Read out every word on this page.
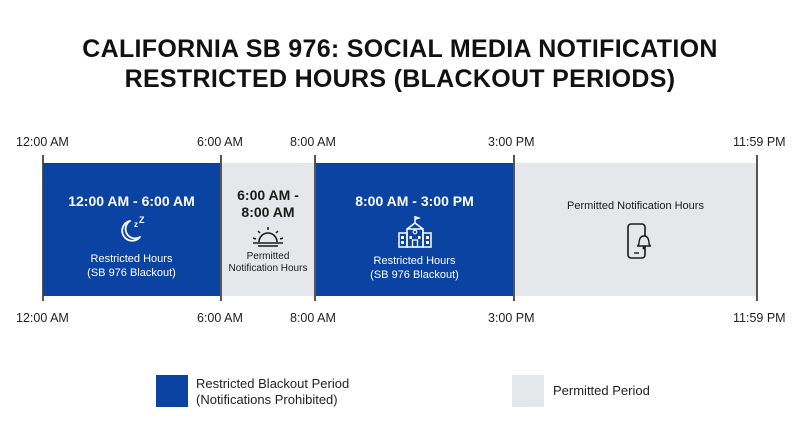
CALIFORNIA SB 976: SOCIAL MEDIA NOTIFICATION RESTRICTED HOURS (BLACKOUT PERIODS)
12:00 AM	6:00 AM	8:00 AM	3:00 PM	11:59 PM
12:00 AM - 6:00 AM
z Z
Restricted Hours
(SB 976 Blackout)
6:00 AM -
8:00 AM
Permitted
Notification Hours
8:00 AM - 3:00 PM
Restricted Hours
(SB 976 Blackout)
Permitted Notification Hours
12:00 AM	6:00 AM	8:00 AM	3:00 PM	11:59 PM
Restricted Blackout Period
(Notifications Prohibited)
Permitted Period
